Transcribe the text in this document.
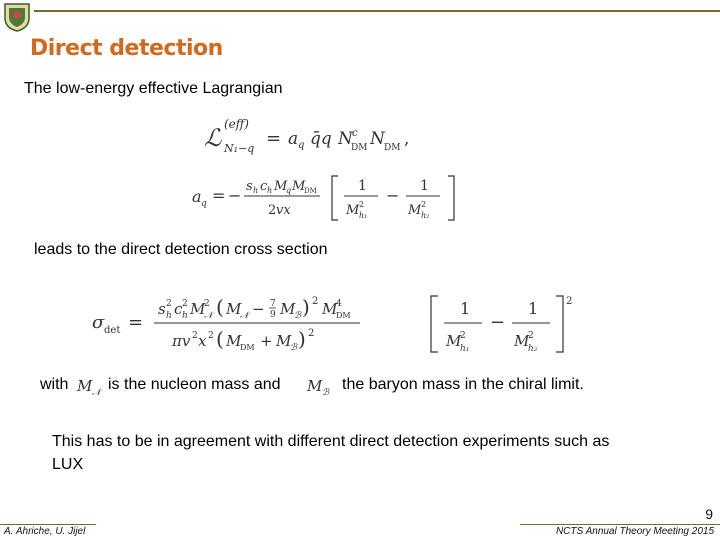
Direct detection
The low-energy effective Lagrangian
ℒ (eff)
N₁−q = a q q̄q N c
DM N DM ,
a q = − s h c h M
q M
DM
2 vx
1
M 2
h₁
− 1
M 2
h₂
leads to the direct detection cross section
σ det =
s 2
h c 2
h M
2
𝒩 ( M
𝒩 − 7
9 M
ℬ ) 2 M
4
DM
πv 2 x 2 ( M
DM + M
ℬ ) 2
1
M
2
h₁
−
1
M
2
h₂
2
with M 𝒩 is the nucleon mass and M ℬ the baryon mass in the chiral limit.
This has to be in agreement with different direct detection experiments such as
LUX
9
A. Ahriche, U. Jijel	NCTS Annual Theory Meeting 2015
